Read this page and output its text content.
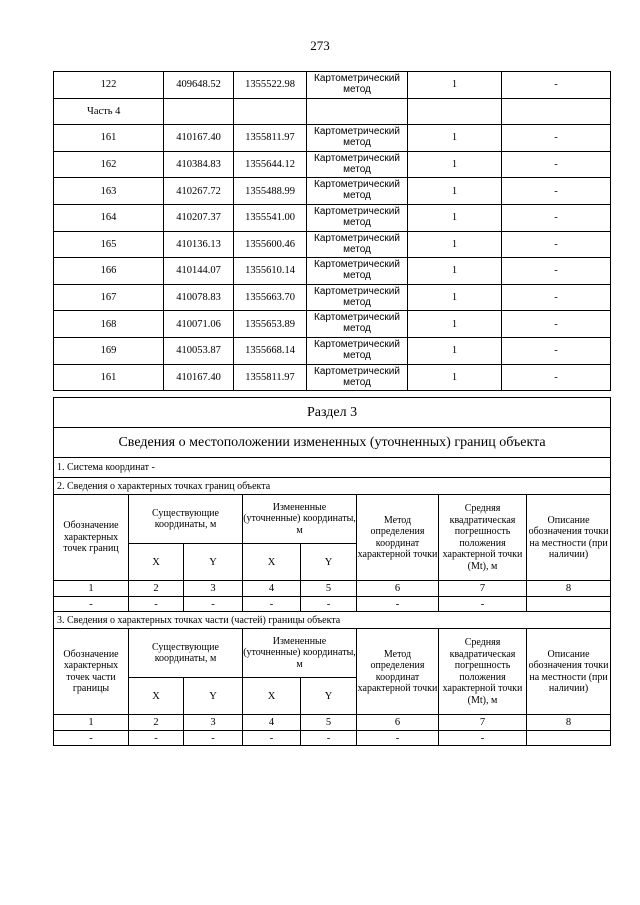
273
122	409648.52	1355522.98	Картометрический метод	1	-
Часть 4					
161	410167.40	1355811.97	Картометрический метод	1	-
162	410384.83	1355644.12	Картометрический метод	1	-
163	410267.72	1355488.99	Картометрический метод	1	-
164	410207.37	1355541.00	Картометрический метод	1	-
165	410136.13	1355600.46	Картометрический метод	1	-
166	410144.07	1355610.14	Картометрический метод	1	-
167	410078.83	1355663.70	Картометрический метод	1	-
168	410071.06	1355653.89	Картометрический метод	1	-
169	410053.87	1355668.14	Картометрический метод	1	-
161	410167.40	1355811.97	Картометрический метод	1	-
Раздел 3							
Сведения о местоположении измененных (уточненных) границ объекта							
1. Система координат -							
2. Сведения о характерных точках границ объекта							
Обозначение характерных точек границ	Существующие координаты, м		Измененные (уточненные) координаты, м		Метод определения координат характерной точки	Средняя квадратическая погрешность положения характерной точки (Mt), м	Описание обозначения точки на местности (при наличии)
	X	Y	X	Y			
1	2	3	4	5	6	7	8
-	-	-	-	-	-	-	
3. Сведения о характерных точках части (частей) границы объекта							
Обозначение характерных точек части границы	Существующие координаты, м		Измененные (уточненные) координаты, м		Метод определения координат характерной точки	Средняя квадратическая погрешность положения характерной точки (Mt), м	Описание обозначения точки на местности (при наличии)
	X	Y	X	Y			
1	2	3	4	5	6	7	8
-	-	-	-	-	-	-	
